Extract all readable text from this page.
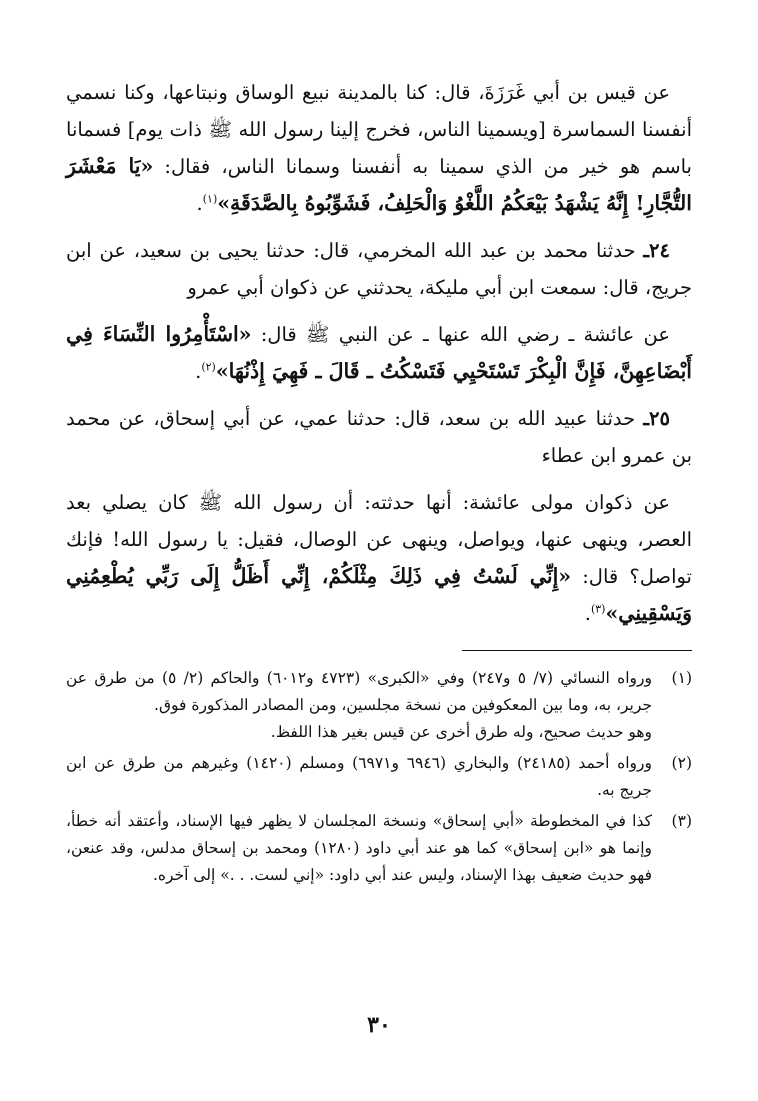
عن قيس بن أبي غَرَزَةَ، قال: كنا بالمدينة نبيع الوساق ونبتاعها، وكنا نسمي أنفسنا السماسرة [ويسمينا الناس، فخرج إلينا رسول الله ﷺ ذات يوم] فسمانا باسم هو خير من الذي سمينا به أنفسنا وسمانا الناس، فقال: «يَا مَعْشَرَ التُّجَّارِ! إِنَّهُ يَشْهَدُ بَيْعَكُمُ اللَّغْوُ وَالْحَلِفُ، فَشَوِّبُوهُ بِالصَّدَقَةِ»$^{(١)}$.

٢٤ـ حدثنا محمد بن عبد الله المخرمي، قال: حدثنا يحيى بن سعيد، عن ابن جريج، قال: سمعت ابن أبي مليكة، يحدثني عن ذكوان أبي عمرو

عن عائشة ـ رضي الله عنها ـ عن النبي ﷺ قال: «اسْتَأْمِرُوا النِّسَاءَ فِي أَبْضَاعِهِنَّ، فَإِنَّ الْبِكْرَ تَسْتَحْيِي فَتَسْكُتُ ـ قَالَ ـ فَهِيَ إِذْنُهَا»$^{(٢)}$.

٢٥ـ حدثنا عبيد الله بن سعد، قال: حدثنا عمي، عن أبي إسحاق، عن محمد بن عمرو ابن عطاء

عن ذكوان مولى عائشة: أنها حدثته: أن رسول الله ﷺ كان يصلي بعد العصر، وينهى عنها، ويواصل، وينهى عن الوصال، فقيل: يا رسول الله! فإنك تواصل؟ قال: «إِنِّي لَسْتُ فِي ذَلِكَ مِثْلَكُمْ، إِنِّي أَظَلُّ إِلَى رَبِّي يُطْعِمُنِي وَيَسْقِينِي»$^{(٣)}$.

(١)

ورواه النسائي (٧/ ٥ و٢٤٧) وفي «الكبرى» (٤٧٢٣ و٦٠١٢) والحاكم (٢/ ٥) من طرق عن جرير، به، وما بين المعكوفين من نسخة مجلسين، ومن المصادر المذكورة فوق.

وهو حديث صحيح، وله طرق أخرى عن قيس بغير هذا اللفظ.

(٢)

ورواه أحمد (٢٤١٨٥) والبخاري (٦٩٤٦ و٦٩٧١) ومسلم (١٤٢٠) وغيرهم من طرق عن ابن جريج به.

(٣)

كذا في المخطوطة «أبي إسحاق» ونسخة المجلسان لا يظهر فيها الإسناد، وأعتقد أنه خطأ، وإنما هو «ابن إسحاق» كما هو عند أبي داود (١٢٨٠) ومحمد بن إسحاق مدلس، وقد عنعن، فهو حديث ضعيف بهذا الإسناد، وليس عند أبي داود: «إني لست. . .» إلى آخره.

٣٠
